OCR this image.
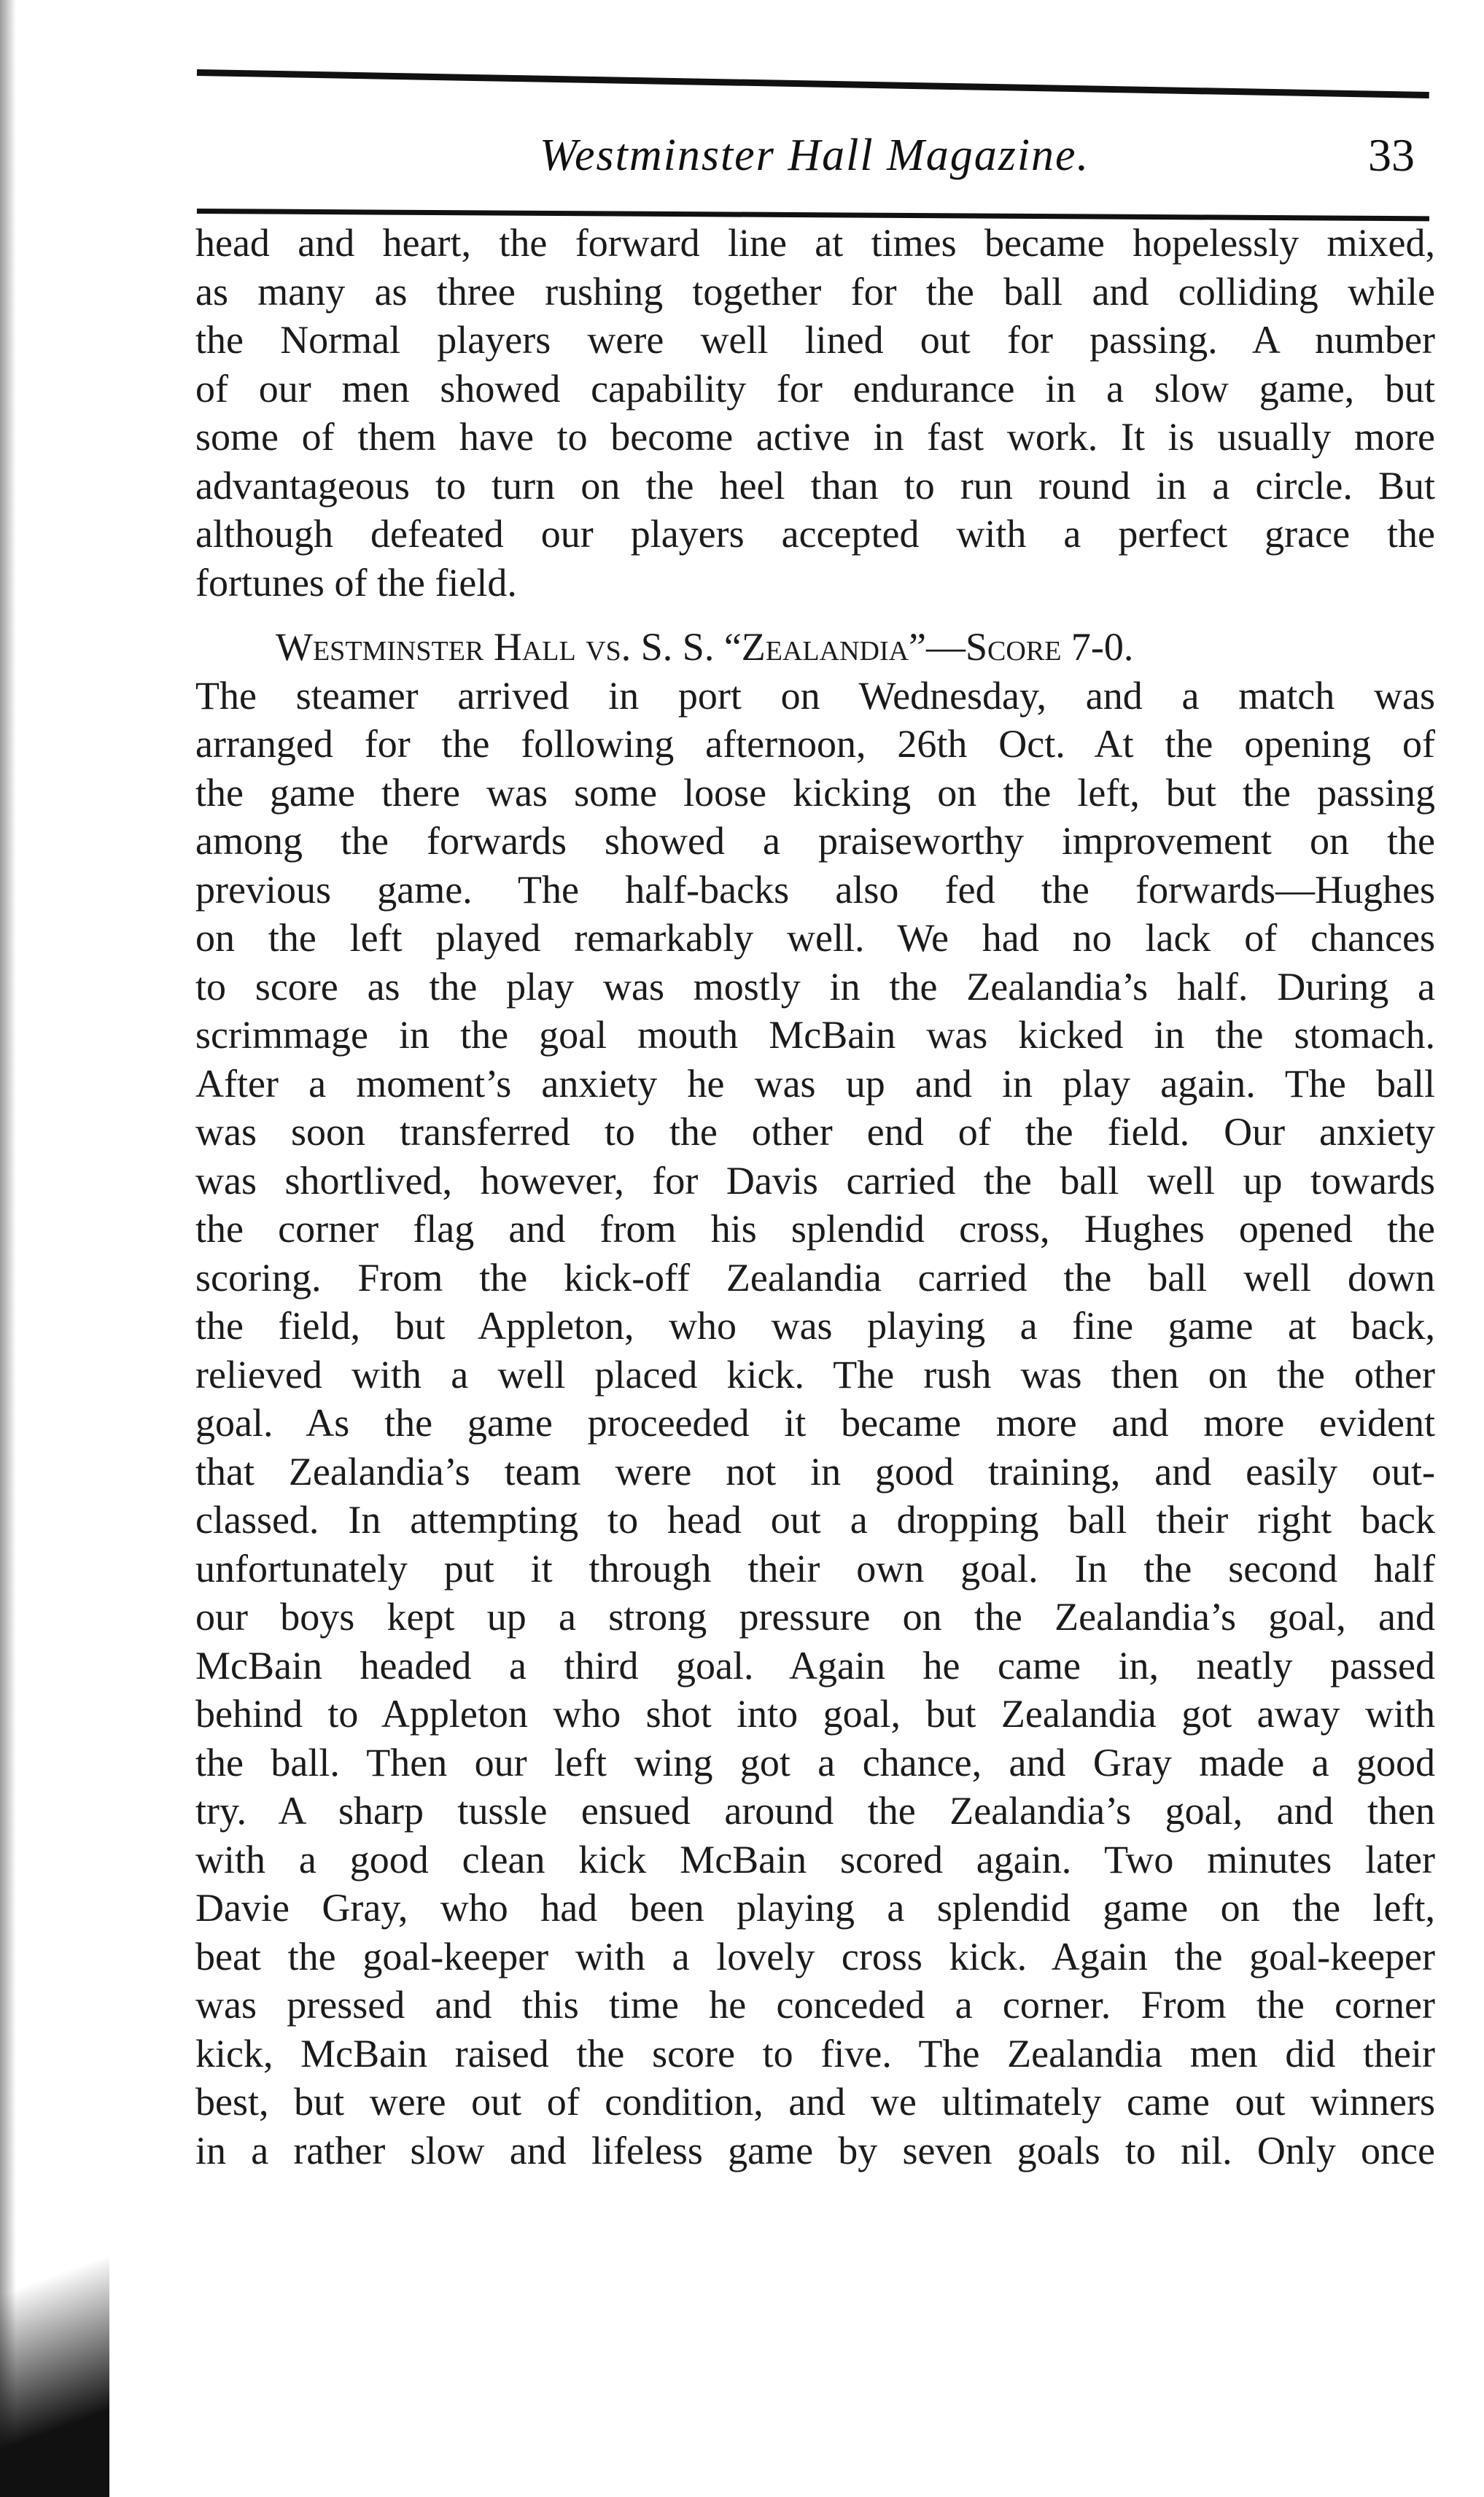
Westminster Hall Magazine.	33
head and heart, the forward line at times became hopelessly mixed,
as many as three rushing together for the ball and colliding while
the Normal players were well lined out for passing. A number
of our men showed capability for endurance in a slow game, but
some of them have to become active in fast work. It is usually more
advantageous to turn on the heel than to run round in a circle. But
although defeated our players accepted with a perfect grace the
fortunes of the field.
Westminster Hall vs. S. S. “Zealandia”—Score 7-0.
The steamer arrived in port on Wednesday, and a match was
arranged for the following afternoon, 26th Oct. At the opening of
the game there was some loose kicking on the left, but the passing
among the forwards showed a praiseworthy improvement on the
previous game. The half-backs also fed the forwards—Hughes
on the left played remarkably well. We had no lack of chances
to score as the play was mostly in the Zealandia’s half. During a
scrimmage in the goal mouth McBain was kicked in the stomach.
After a moment’s anxiety he was up and in play again. The ball
was soon transferred to the other end of the field. Our anxiety
was shortlived, however, for Davis carried the ball well up towards
the corner flag and from his splendid cross, Hughes opened the
scoring. From the kick-off Zealandia carried the ball well down
the field, but Appleton, who was playing a fine game at back,
relieved with a well placed kick. The rush was then on the other
goal. As the game proceeded it became more and more evident
that Zealandia’s team were not in good training, and easily out-
classed. In attempting to head out a dropping ball their right back
unfortunately put it through their own goal. In the second half
our boys kept up a strong pressure on the Zealandia’s goal, and
McBain headed a third goal. Again he came in, neatly passed
behind to Appleton who shot into goal, but Zealandia got away with
the ball. Then our left wing got a chance, and Gray made a good
try. A sharp tussle ensued around the Zealandia’s goal, and then
with a good clean kick McBain scored again. Two minutes later
Davie Gray, who had been playing a splendid game on the left,
beat the goal-keeper with a lovely cross kick. Again the goal-keeper
was pressed and this time he conceded a corner. From the corner
kick, McBain raised the score to five. The Zealandia men did their
best, but were out of condition, and we ultimately came out winners
in a rather slow and lifeless game by seven goals to nil. Only once
